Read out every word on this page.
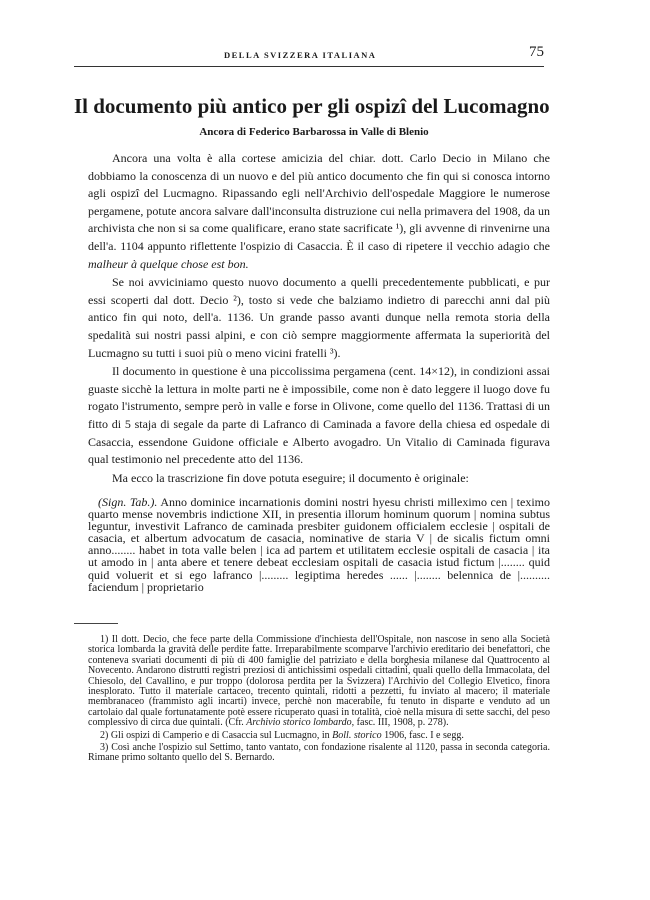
DELLA SVIZZERA ITALIANA	75
Il documento più antico per gli ospizî del Lucomagno
Ancora di Federico Barbarossa in Valle di Blenio

Ancora una volta è alla cortese amicizia del chiar. dott. Carlo Decio in Milano che dobbiamo la conoscenza di un nuovo e del più antico documento che fin qui si conosca intorno agli ospizî del Lucmagno. Ripassando egli nell'Archivio dell'ospedale Maggiore le numerose pergamene, potute ancora salvare dall'inconsulta distruzione cui nella primavera del 1908, da un archivista che non si sa come qualificare, erano state sacrificate ¹), gli avvenne di rinvenirne una dell'a. 1104 appunto riflettente l'ospizio di Casaccia. È il caso di ripetere il vecchio adagio che malheur à quelque chose est bon.

Se noi avviciniamo questo nuovo documento a quelli precedentemente pubblicati, e pur essi scoperti dal dott. Decio ²), tosto si vede che balziamo indietro di parecchi anni dal più antico fin qui noto, dell'a. 1136. Un grande passo avanti dunque nella remota storia della spedalità sui nostri passi alpini, e con ciò sempre maggiormente affermata la superiorità del Lucmagno su tutti i suoi più o meno vicini fratelli ³).

Il documento in questione è una piccolissima pergamena (cent. 14×12), in condizioni assai guaste sicchè la lettura in molte parti ne è impossibile, come non è dato leggere il luogo dove fu rogato l'istrumento, sempre però in valle e forse in Olivone, come quello del 1136. Trattasi di un fitto di 5 staja di segale da parte di Lafranco di Caminada a favore della chiesa ed ospedale di Casaccia, essendone Guidone officiale e Alberto avogadro. Un Vitalio di Caminada figurava qual testimonio nel precedente atto del 1136.

Ma ecco la trascrizione fin dove potuta eseguire; il documento è originale:

(Sign. Tab.). Anno dominice incarnationis domini nostri hyesu christi milleximo cen | teximo quarto mense novembris indictione XII, in presentia illorum hominum quorum | nomina subtus leguntur, investivit Lafranco de caminada presbiter guidonem officialem ecclesie | ospitali de casacia, et albertum advocatum de casacia, nominative de staria V | de sicalis fictum omni anno........ habet in tota valle belen | ica ad partem et utilitatem ecclesie ospitali de casacia | ita ut amodo in | anta abere et tenere debeat ecclesiam ospitali de casacia istud fictum |........ quid quid voluerit et si ego lafranco |......... legiptima heredes ...... |........ belennica de |.......... faciendum | proprietario

1) Il dott. Decio, che fece parte della Commissione d'inchiesta dell'Ospitale, non nascose in seno alla Società storica lombarda la gravità delle perdite fatte. Irreparabilmente scomparve l'archivio ereditario dei benefattori, che conteneva svariati documenti di più di 400 famiglie del patriziato e della borghesia milanese dal Quattrocento al Novecento. Andarono distrutti registri preziosi di antichissimi ospedali cittadini, quali quello della Immacolata, del Chiesolo, del Cavallino, e pur troppo (dolorosa perdita per la Svizzera) l'Archivio del Collegio Elvetico, finora inesplorato. Tutto il materiale cartaceo, trecento quintali, ridotti a pezzetti, fu inviato al macero; il materiale membranaceo (frammisto agli incarti) invece, perchè non macerabile, fu tenuto in disparte e venduto ad un cartolaio dal quale fortunatamente potè essere ricuperato quasi in totalità, cioè nella misura di sette sacchi, del peso complessivo di circa due quintali. (Cfr. Archivio storico lombardo, fasc. III, 1908, p. 278).

2) Gli ospizi di Camperio e di Casaccia sul Lucmagno, in Boll. storico 1906, fasc. I e segg.

3) Così anche l'ospizio sul Settimo, tanto vantato, con fondazione risalente al 1120, passa in seconda categoria. Rimane primo soltanto quello del S. Bernardo.
